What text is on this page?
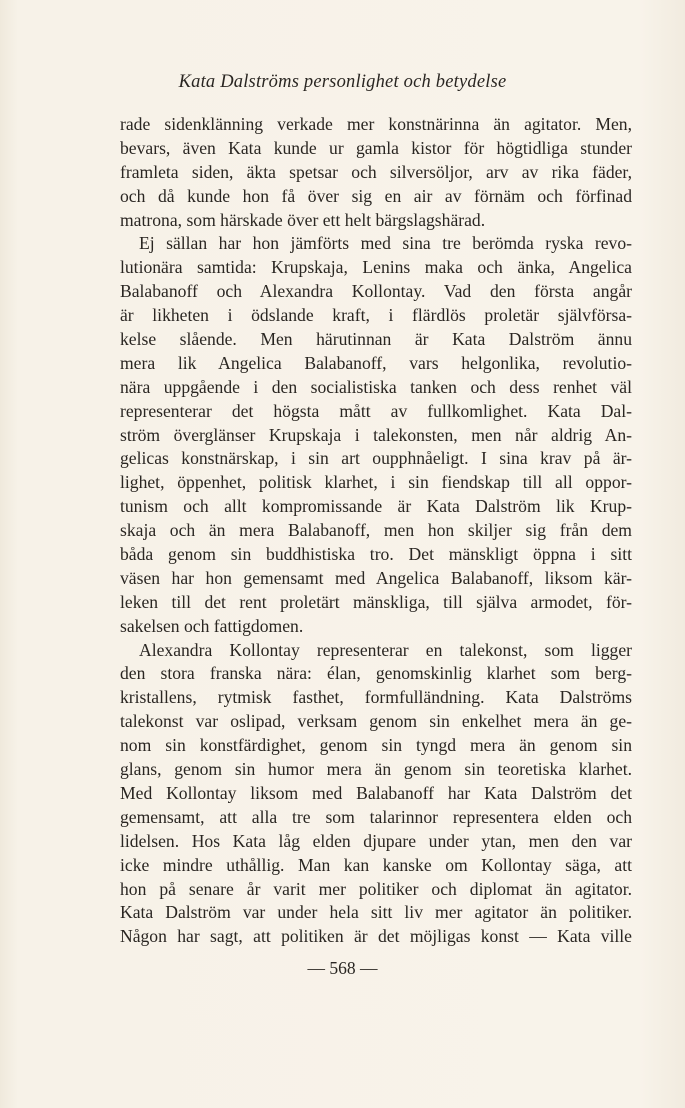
Kata Dalströms personlighet och betydelse
rade sidenklänning verkade mer konstnärinna än agitator. Men,
bevars, även Kata kunde ur gamla kistor för högtidliga stunder
framleta siden, äkta spetsar och silversöljor, arv av rika fäder,
och då kunde hon få över sig en air av förnäm och förfinad
matrona, som härskade över ett helt bärgslagshärad.
Ej sällan har hon jämförts med sina tre berömda ryska revo-
lutionära samtida: Krupskaja, Lenins maka och änka, Angelica
Balabanoff och Alexandra Kollontay. Vad den första angår
är likheten i ödslande kraft, i flärdlös proletär självförsa-
kelse slående. Men härutinnan är Kata Dalström ännu
mera lik Angelica Balabanoff, vars helgonlika, revolutio-
nära uppgående i den socialistiska tanken och dess renhet väl
representerar det högsta mått av fullkomlighet. Kata Dal-
ström överglänser Krupskaja i talekonsten, men når aldrig An-
gelicas konstnärskap, i sin art oupphnåeligt. I sina krav på är-
lighet, öppenhet, politisk klarhet, i sin fiendskap till all oppor-
tunism och allt kompromissande är Kata Dalström lik Krup-
skaja och än mera Balabanoff, men hon skiljer sig från dem
båda genom sin buddhistiska tro. Det mänskligt öppna i sitt
väsen har hon gemensamt med Angelica Balabanoff, liksom kär-
leken till det rent proletärt mänskliga, till själva armodet, för-
sakelsen och fattigdomen.
Alexandra Kollontay representerar en talekonst, som ligger
den stora franska nära: élan, genomskinlig klarhet som berg-
kristallens, rytmisk fasthet, formfulländning. Kata Dalströms
talekonst var oslipad, verksam genom sin enkelhet mera än ge-
nom sin konstfärdighet, genom sin tyngd mera än genom sin
glans, genom sin humor mera än genom sin teoretiska klarhet.
Med Kollontay liksom med Balabanoff har Kata Dalström det
gemensamt, att alla tre som talarinnor representera elden och
lidelsen. Hos Kata låg elden djupare under ytan, men den var
icke mindre uthållig. Man kan kanske om Kollontay säga, att
hon på senare år varit mer politiker och diplomat än agitator.
Kata Dalström var under hela sitt liv mer agitator än politiker.
Någon har sagt, att politiken är det möjligas konst — Kata ville
— 568 —
